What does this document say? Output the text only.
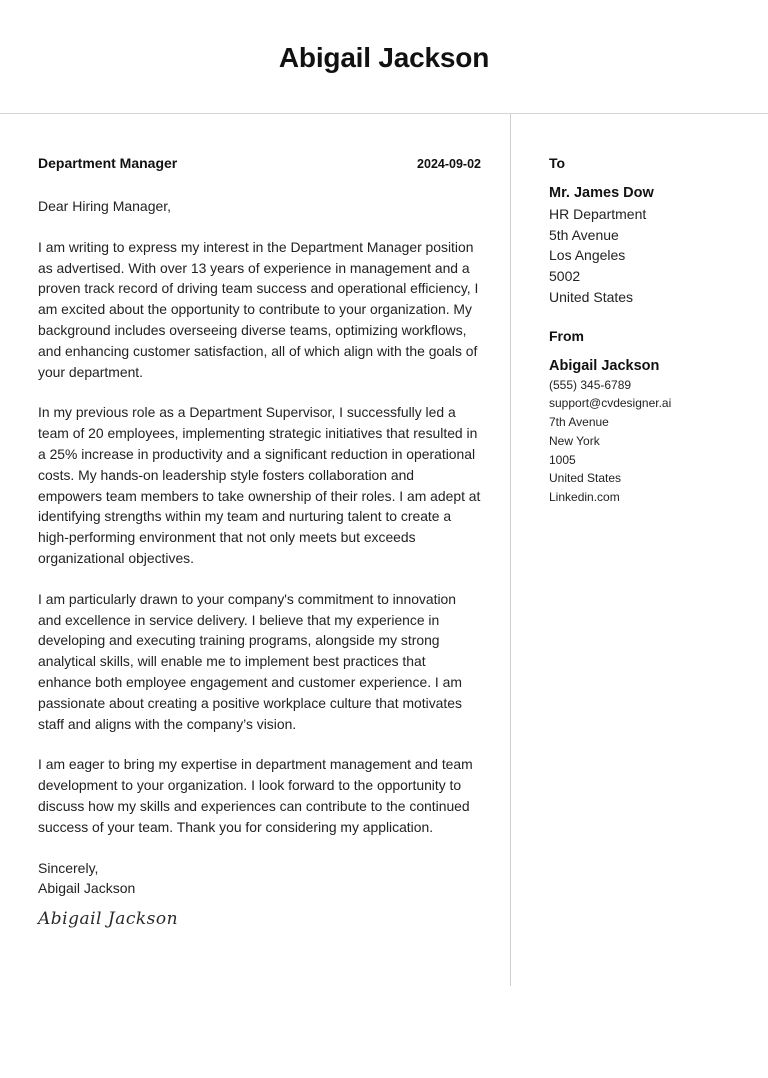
Abigail Jackson
Department Manager	2024-09-02
Dear Hiring Manager,

I am writing to express my interest in the Department Manager position as advertised. With over 13 years of experience in management and a proven track record of driving team success and operational efficiency, I am excited about the opportunity to contribute to your organization. My background includes overseeing diverse teams, optimizing workflows, and enhancing customer satisfaction, all of which align with the goals of your department.

In my previous role as a Department Supervisor, I successfully led a team of 20 employees, implementing strategic initiatives that resulted in a 25% increase in productivity and a significant reduction in operational costs. My hands-on leadership style fosters collaboration and empowers team members to take ownership of their roles. I am adept at identifying strengths within my team and nurturing talent to create a high-performing environment that not only meets but exceeds organizational objectives.

I am particularly drawn to your company's commitment to innovation and excellence in service delivery. I believe that my experience in developing and executing training programs, alongside my strong analytical skills, will enable me to implement best practices that enhance both employee engagement and customer experience. I am passionate about creating a positive workplace culture that motivates staff and aligns with the company’s vision.

I am eager to bring my expertise in department management and team development to your organization. I look forward to the opportunity to discuss how my skills and experiences can contribute to the continued success of your team. Thank you for considering my application.

Sincerely,
Abigail Jackson
Abigail Jackson
To
Mr. James Dow
HR Department
5th Avenue
Los Angeles
5002
United States
From
Abigail Jackson
(555) 345-6789
support@cvdesigner.ai
7th Avenue
New York
1005
United States
Linkedin.com
